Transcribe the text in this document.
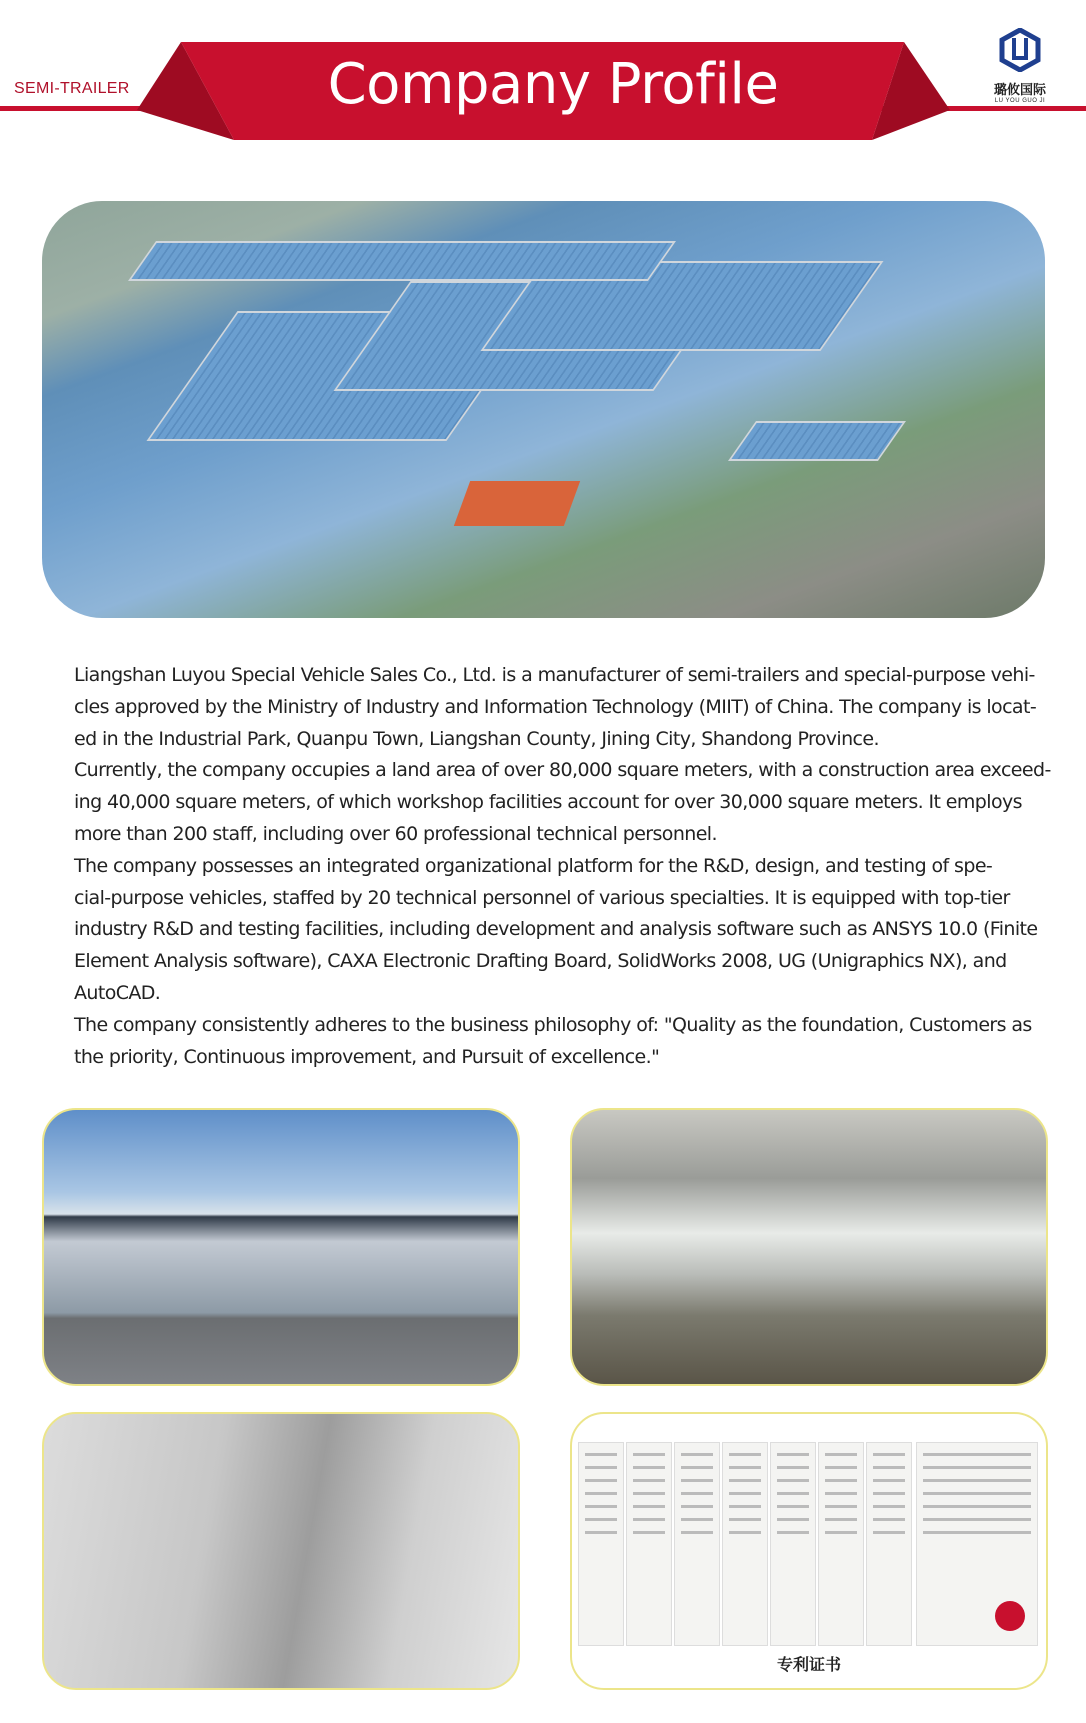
SEMI-TRAILER	Company Profile	璐攸国际
LU YOU GUO JI
Liangshan Luyou Special Vehicle Sales Co., Ltd. is a manufacturer of semi-trailers and special-purpose vehi-
cles approved by the Ministry of Industry and Information Technology (MIIT) of China. The company is locat-
ed in the Industrial Park, Quanpu Town, Liangshan County, Jining City, Shandong Province.
Currently, the company occupies a land area of over 80,000 square meters, with a construction area exceed-
ing 40,000 square meters, of which workshop facilities account for over 30,000 square meters. It employs
more than 200 staff, including over 60 professional technical personnel.
The company possesses an integrated organizational platform for the R&D, design, and testing of spe-
cial-purpose vehicles, staffed by 20 technical personnel of various specialties. It is equipped with top-tier
industry R&D and testing facilities, including development and analysis software such as ANSYS 10.0 (Finite
Element Analysis software), CAXA Electronic Drafting Board, SolidWorks 2008, UG (Unigraphics NX), and
AutoCAD.
The company consistently adheres to the business philosophy of: "Quality as the foundation, Customers as
the priority, Continuous improvement, and Pursuit of excellence."
专利证书
